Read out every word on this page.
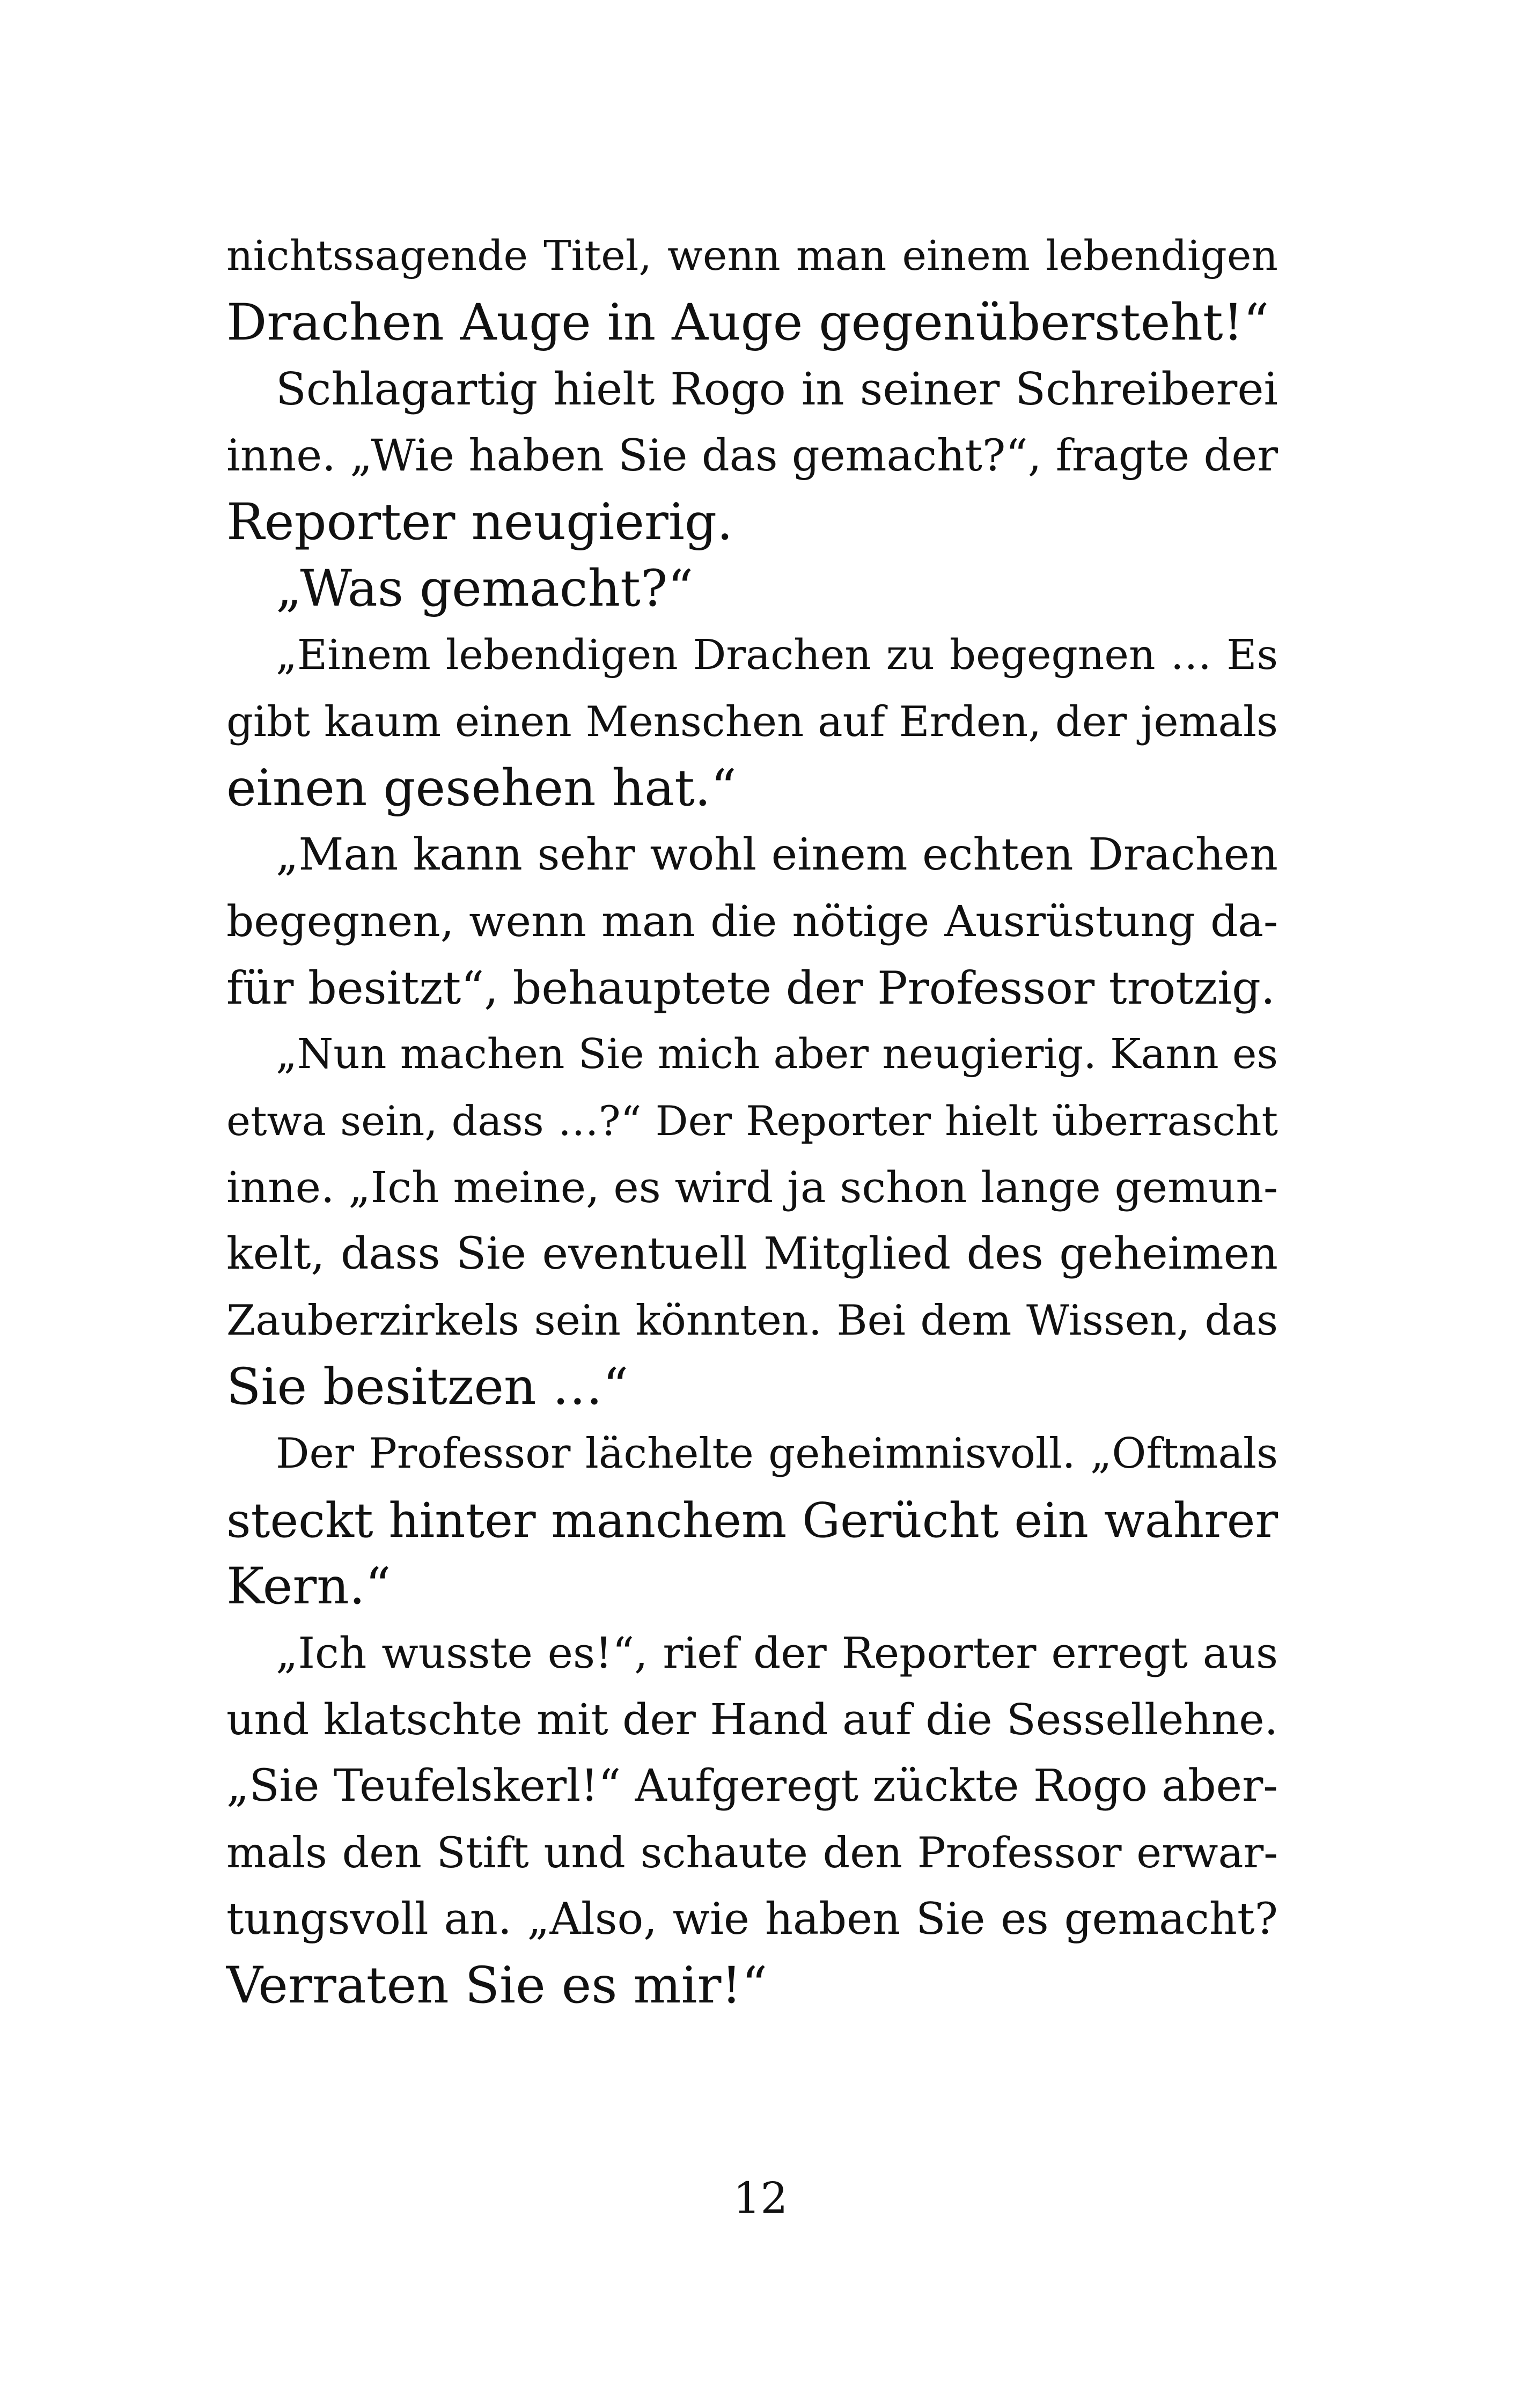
nichtssagende Titel, wenn man einem lebendigen
Drachen Auge in Auge gegenübersteht!“
Schlagartig hielt Rogo in seiner Schreiberei
inne. „Wie haben Sie das gemacht?“, fragte der
Reporter neugierig.
„Was gemacht?“
„Einem lebendigen Drachen zu begegnen … Es
gibt kaum einen Menschen auf Erden, der jemals
einen gesehen hat.“
„Man kann sehr wohl einem echten Drachen
begegnen, wenn man die nötige Ausrüstung da-
für besitzt“, behauptete der Professor trotzig.
„Nun machen Sie mich aber neugierig. Kann es
etwa sein, dass …?“ Der Reporter hielt überrascht
inne. „Ich meine, es wird ja schon lange gemun-
kelt, dass Sie eventuell Mitglied des geheimen
Zauberzirkels sein könnten. Bei dem Wissen, das
Sie besitzen …“
Der Professor lächelte geheimnisvoll. „Oftmals
steckt hinter manchem Gerücht ein wahrer
Kern.“
„Ich wusste es!“, rief der Reporter erregt aus
und klatschte mit der Hand auf die Sessellehne.
„Sie Teufelskerl!“ Aufgeregt zückte Rogo aber-
mals den Stift und schaute den Professor erwar-
tungsvoll an. „Also, wie haben Sie es gemacht?
Verraten Sie es mir!“
12
